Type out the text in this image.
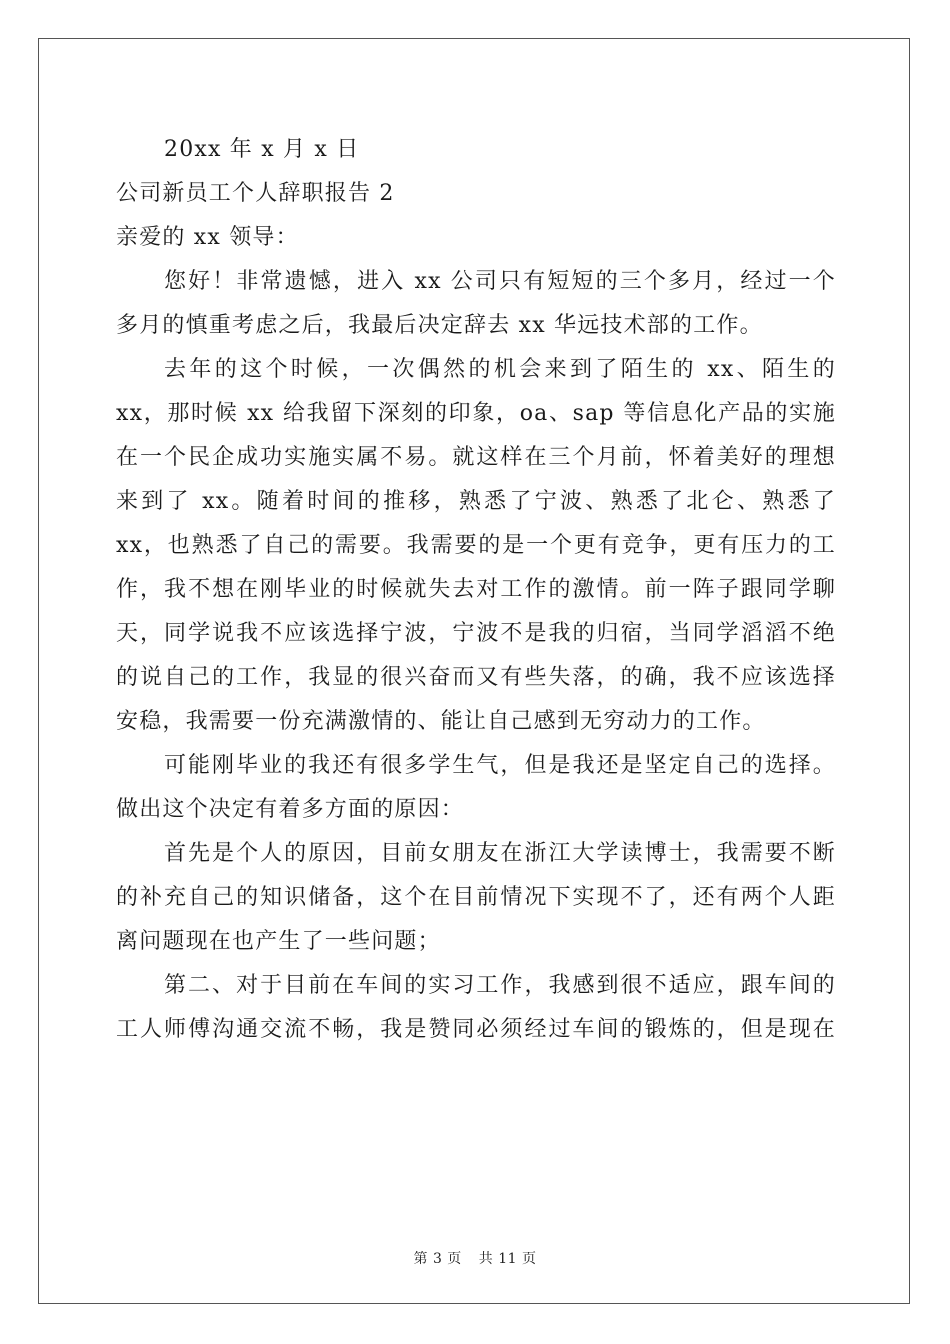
20xx 年 x 月 x 日
公司新员工个人辞职报告 2
亲爱的 xx 领导：
您好！非常遗憾，进入 xx 公司只有短短的三个多月，经过一个
多月的慎重考虑之后，我最后决定辞去 xx 华远技术部的工作。
去年的这个时候，一次偶然的机会来到了陌生的 xx、陌生的
xx，那时候 xx 给我留下深刻的印象，oa、sap 等信息化产品的实施
在一个民企成功实施实属不易。就这样在三个月前，怀着美好的理想
来到了 xx。随着时间的推移，熟悉了宁波、熟悉了北仑、熟悉了
xx，也熟悉了自己的需要。我需要的是一个更有竞争，更有压力的工
作，我不想在刚毕业的时候就失去对工作的激情。前一阵子跟同学聊
天，同学说我不应该选择宁波，宁波不是我的归宿，当同学滔滔不绝
的说自己的工作，我显的很兴奋而又有些失落，的确，我不应该选择
安稳，我需要一份充满激情的、能让自己感到无穷动力的工作。
可能刚毕业的我还有很多学生气，但是我还是坚定自己的选择。
做出这个决定有着多方面的原因：
首先是个人的原因，目前女朋友在浙江大学读博士，我需要不断
的补充自己的知识储备，这个在目前情况下实现不了，还有两个人距
离问题现在也产生了一些问题；
第二、对于目前在车间的实习工作，我感到很不适应，跟车间的
工人师傅沟通交流不畅，我是赞同必须经过车间的锻炼的，但是现在
第 3 页 共 11 页
